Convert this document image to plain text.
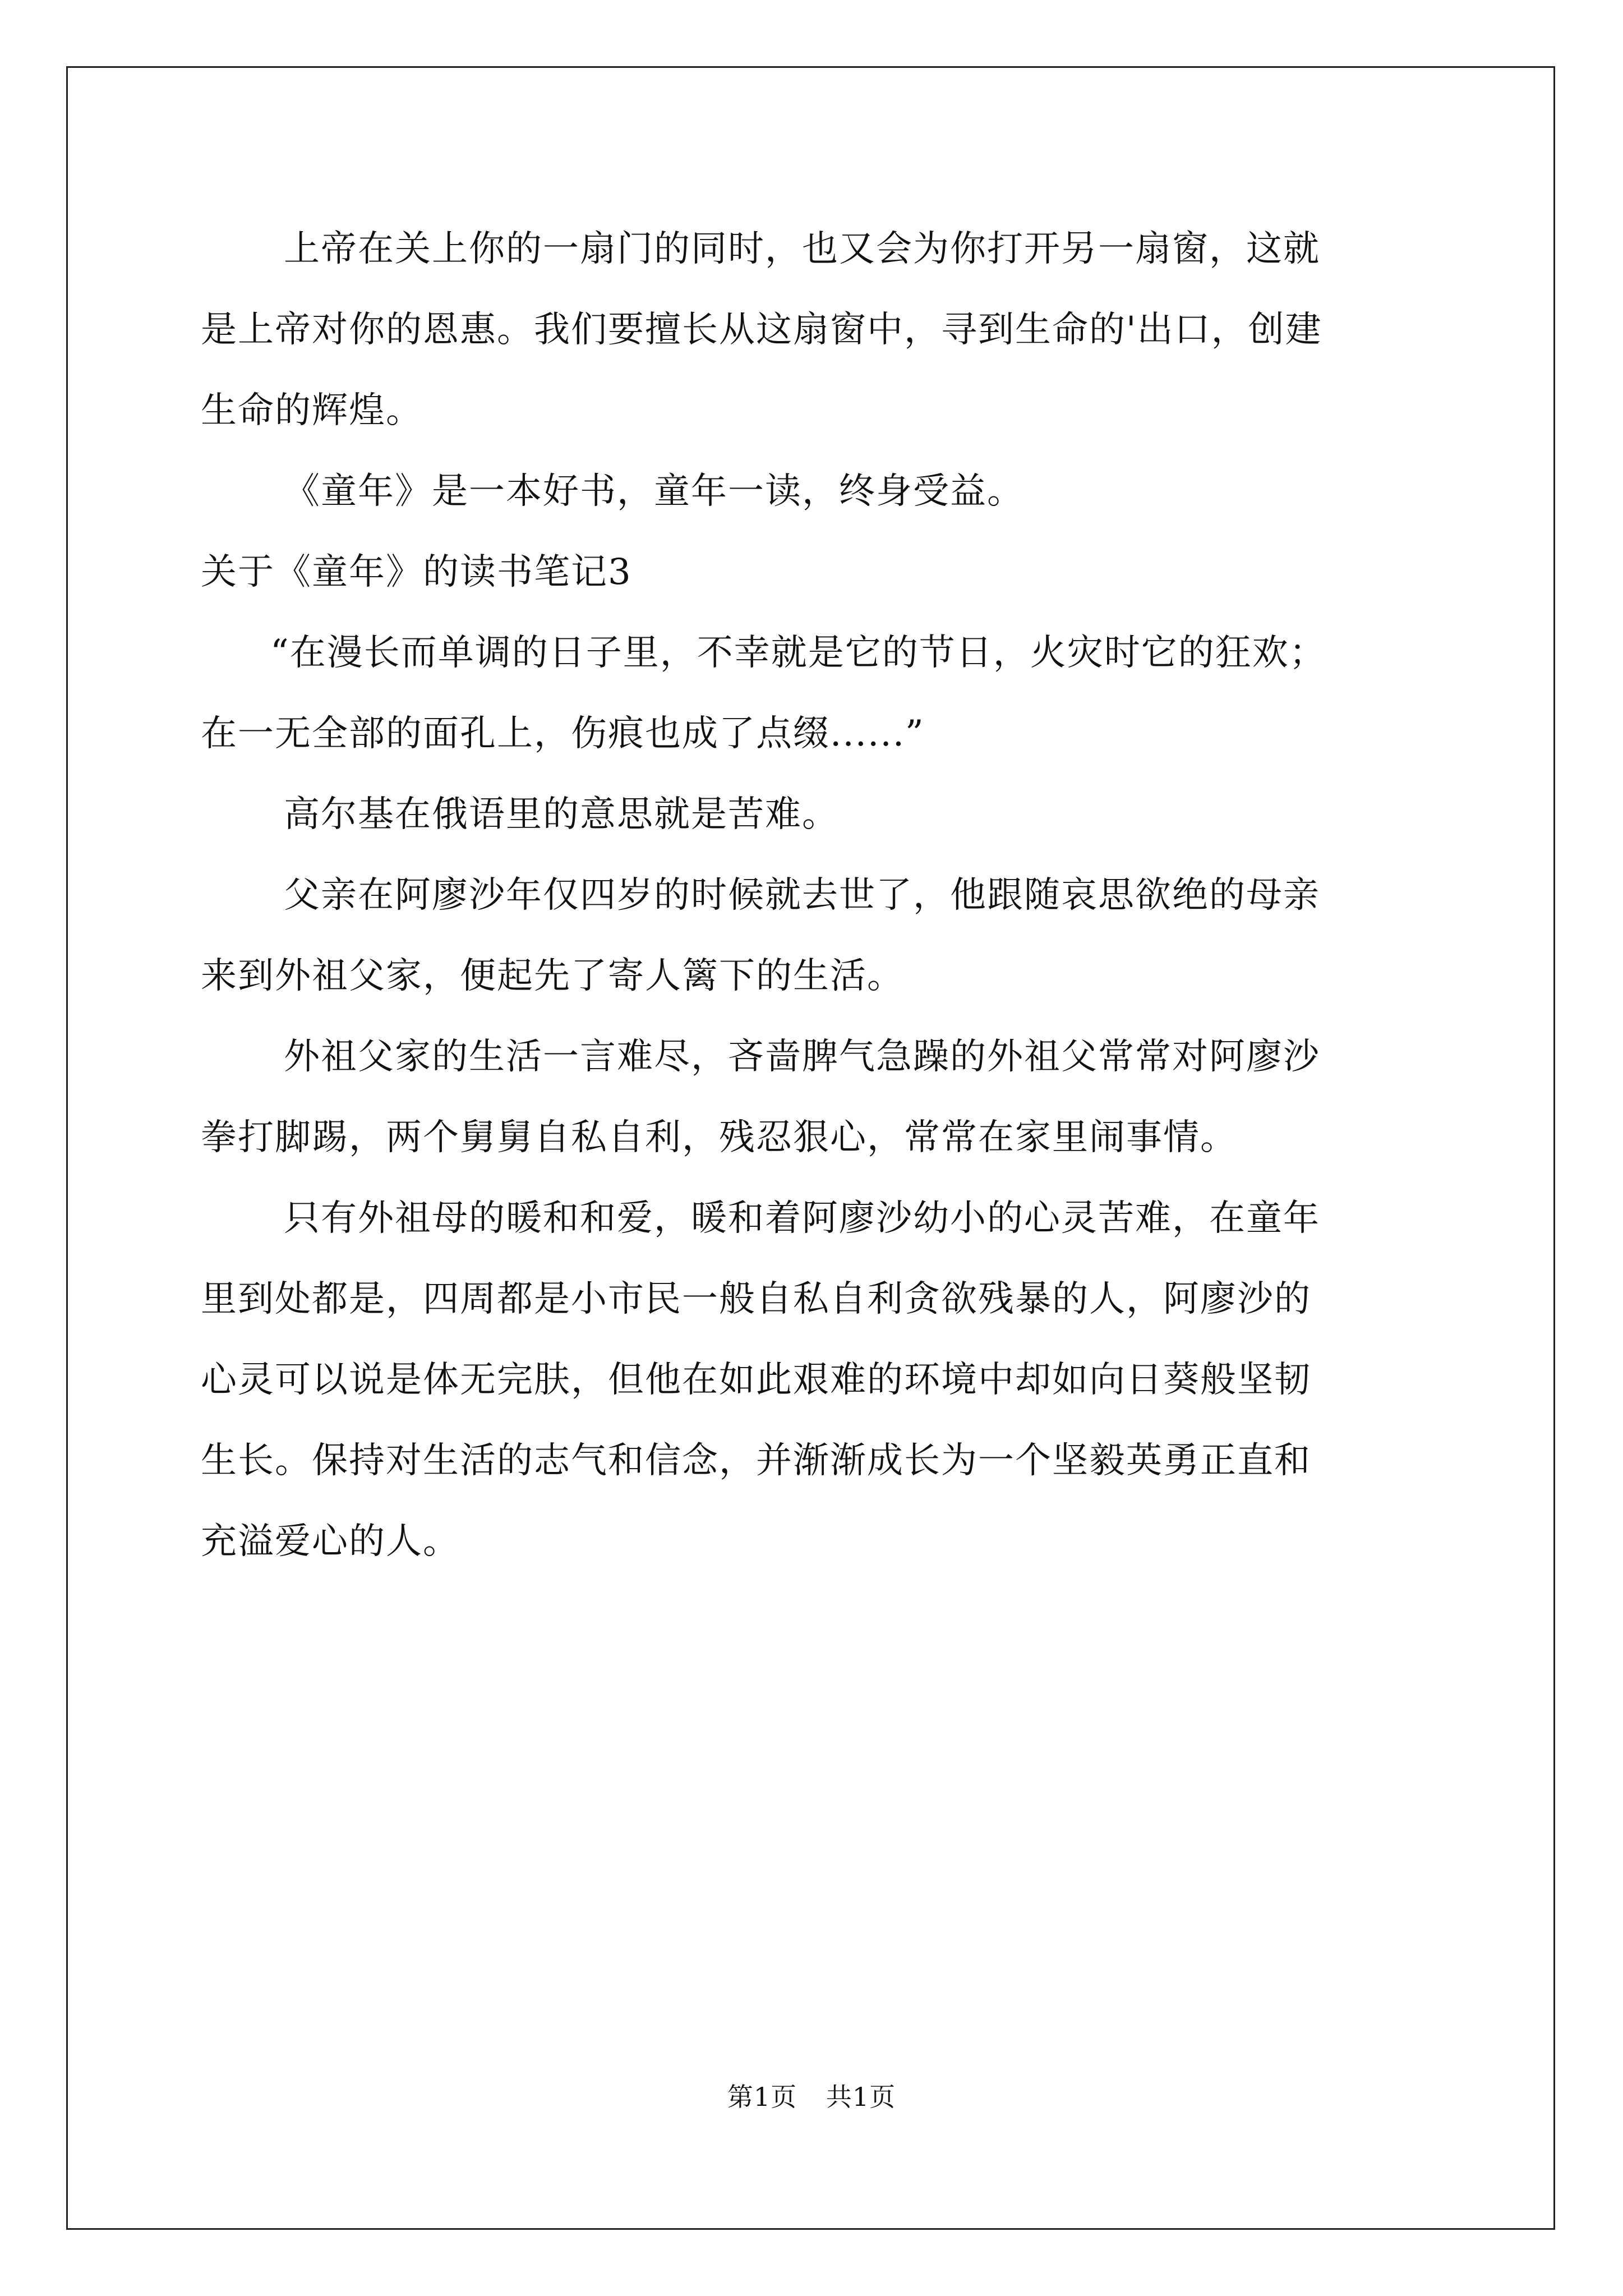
上帝在关上你的一扇门的同时，也又会为你打开另一扇窗，这就

是上帝对你的恩惠。我们要擅长从这扇窗中，寻到生命的'出口，创建

生命的辉煌。

《童年》是一本好书，童年一读，终身受益。

关于《童年》的读书笔记3

“在漫长而单调的日子里，不幸就是它的节日，火灾时它的狂欢；

在一无全部的面孔上，伤痕也成了点缀......”

高尔基在俄语里的意思就是苦难。

父亲在阿廖沙年仅四岁的时候就去世了，他跟随哀思欲绝的母亲

来到外祖父家，便起先了寄人篱下的生活。

外祖父家的生活一言难尽，吝啬脾气急躁的外祖父常常对阿廖沙

拳打脚踢，两个舅舅自私自利，残忍狠心，常常在家里闹事情。

只有外祖母的暖和和爱，暖和着阿廖沙幼小的心灵苦难，在童年

里到处都是，四周都是小市民一般自私自利贪欲残暴的人，阿廖沙的

心灵可以说是体无完肤，但他在如此艰难的环境中却如向日葵般坚韧

生长。保持对生活的志气和信念，并渐渐成长为一个坚毅英勇正直和

充溢爱心的人。

第1页 共1页
